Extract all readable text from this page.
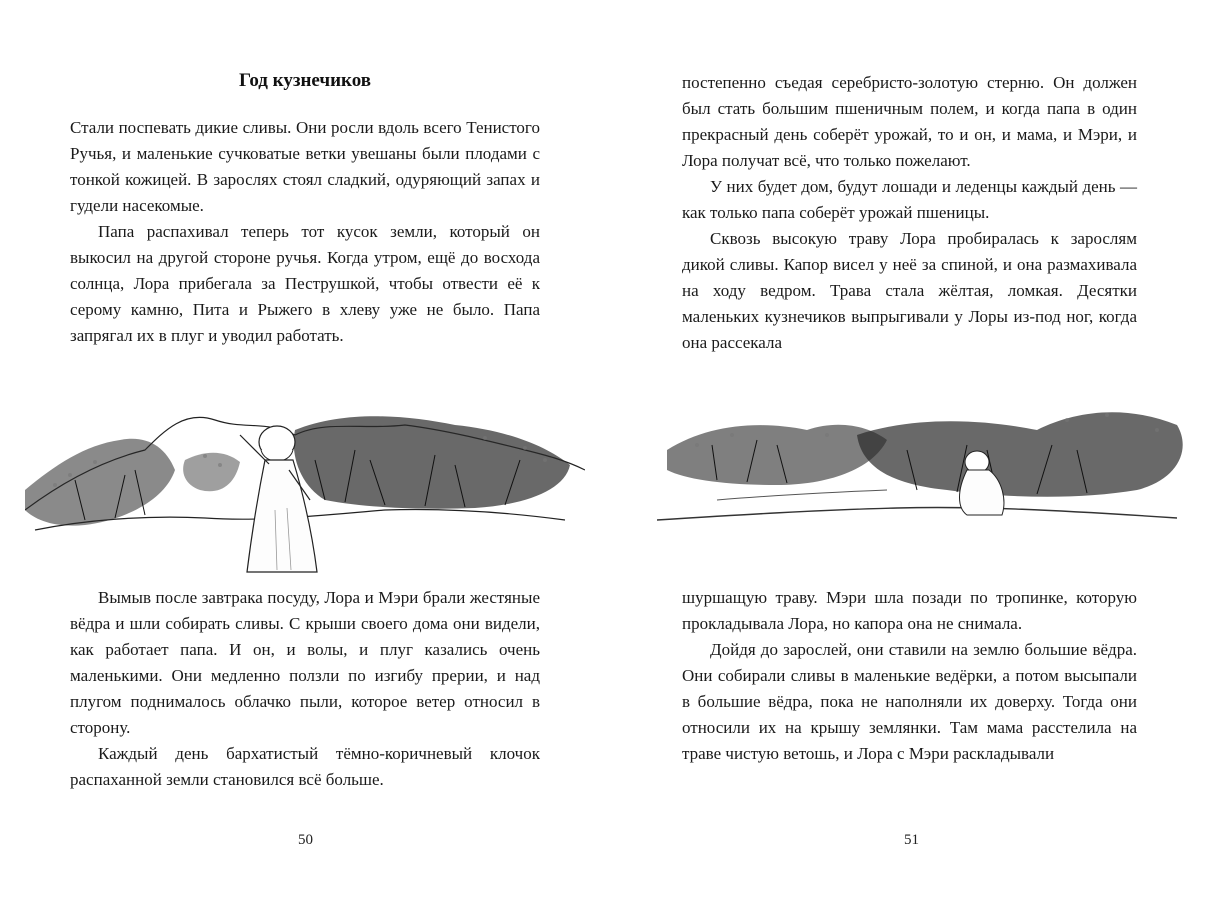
Год кузнечиков

Стали поспевать дикие сливы. Они росли вдоль всего Тенистого Ручья, и маленькие сучковатые ветки увешаны были плодами с тонкой кожицей. В зарослях стоял сладкий, одуряющий запах и гудели насекомые.

Папа распахивал теперь тот кусок земли, который он выкосил на другой стороне ручья. Когда утром, ещё до восхода солнца, Лора прибегала за Пеструшкой, чтобы отвести её к серому камню, Пита и Рыжего в хлеву уже не было. Папа запрягал их в плуг и уводил работать.

Вымыв после завтрака посуду, Лора и Мэри брали жестяные вёдра и шли собирать сливы. С крыши своего дома они видели, как работает папа. И он, и волы, и плуг казались очень маленькими. Они медленно ползли по изгибу прерии, и над плугом поднималось облачко пыли, которое ветер относил в сторону.

Каждый день бархатистый тёмно-коричневый клочок распаханной земли становился всё больше.

50

постепенно съедая серебристо-золотую стерню. Он должен был стать большим пшеничным полем, и когда папа в один прекрасный день соберёт урожай, то и он, и мама, и Мэри, и Лора получат всё, что только пожелают.

У них будет дом, будут лошади и леденцы каждый день — как только папа соберёт урожай пшеницы.

Сквозь высокую траву Лора пробиралась к зарослям дикой сливы. Капор висел у неё за спиной, и она размахивала на ходу ведром. Трава стала жёлтая, ломкая. Десятки маленьких кузнечиков выпрыгивали у Лоры из-под ног, когда она рассекала

шуршащую траву. Мэри шла позади по тропинке, которую прокладывала Лора, но капора она не снимала.

Дойдя до зарослей, они ставили на землю большие вёдра. Они собирали сливы в маленькие ведёрки, а потом высыпали в большие вёдра, пока не наполняли их доверху. Тогда они относили их на крышу землянки. Там мама расстелила на траве чистую ветошь, и Лора с Мэри раскладывали

51
